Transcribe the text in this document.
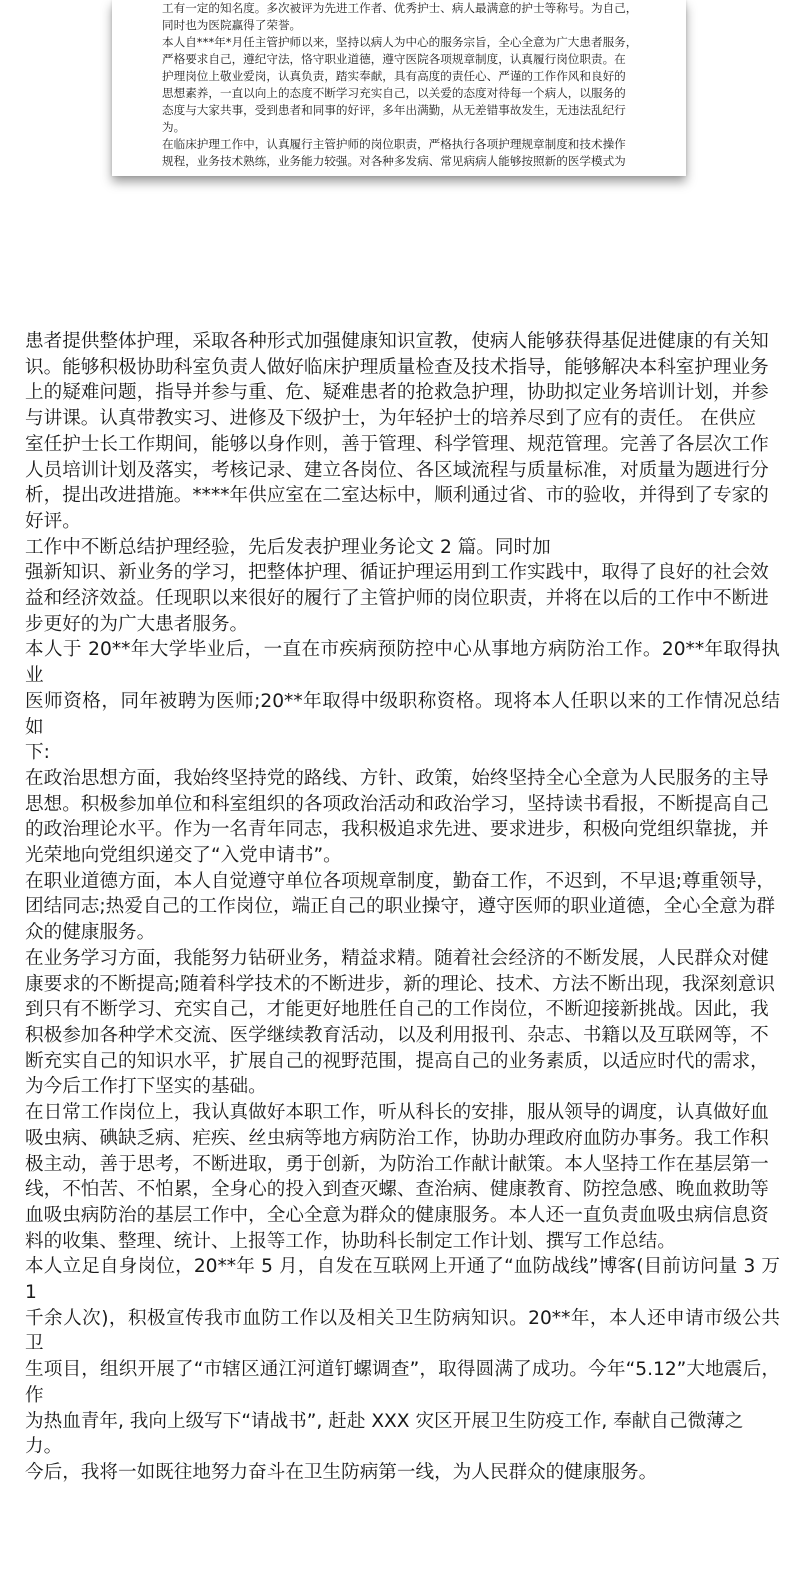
工有一定的知名度。多次被评为先进工作者、优秀护士、病人最满意的护士等称号。为自己，
同时也为医院赢得了荣誉。
本人自***年*月任主管护师以来，坚持以病人为中心的服务宗旨，全心全意为广大患者服务，
严格要求自己，遵纪守法，恪守职业道德，遵守医院各项规章制度，认真履行岗位职责。在
护理岗位上敬业爱岗，认真负责，踏实奉献，具有高度的责任心、严谨的工作作风和良好的
思想素养，一直以向上的态度不断学习充实自己，以关爱的态度对待每一个病人，以服务的
态度与大家共事，受到患者和同事的好评，多年出满勤，从无差错事故发生，无违法乱纪行
为。
在临床护理工作中，认真履行主管护师的岗位职责，严格执行各项护理规章制度和技术操作
规程，业务技术熟练，业务能力较强。对各种多发病、常见病病人能够按照新的医学模式为
患者提供整体护理，采取各种形式加强健康知识宣教，使病人能够获得基促进健康的有关知
识。能够积极协助科室负责人做好临床护理质量检查及技术指导，能够解决本科室护理业务
上的疑难问题，指导并参与重、危、疑难患者的抢救急护理，协助拟定业务培训计划，并参
与讲课。认真带教实习、进修及下级护士，为年轻护士的培养尽到了应有的责任。 在供应
室任护士长工作期间，能够以身作则，善于管理、科学管理、规范管理。完善了各层次工作
人员培训计划及落实，考核记录、建立各岗位、各区域流程与质量标准，对质量为题进行分
析，提出改进措施。****年供应室在二室达标中，顺利通过省、市的验收，并得到了专家的
好评。
工作中不断总结护理经验，先后发表护理业务论文 2 篇。同时加
强新知识、新业务的学习，把整体护理、循证护理运用到工作实践中，取得了良好的社会效
益和经济效益。任现职以来很好的履行了主管护师的岗位职责，并将在以后的工作中不断进
步更好的为广大患者服务。
本人于 20**年大学毕业后，一直在市疾病预防控中心从事地方病防治工作。20**年取得执业
医师资格，同年被聘为医师;20**年取得中级职称资格。现将本人任职以来的工作情况总结如
下:
在政治思想方面，我始终坚持党的路线、方针、政策，始终坚持全心全意为人民服务的主导
思想。积极参加单位和科室组织的各项政治活动和政治学习，坚持读书看报，不断提高自己
的政治理论水平。作为一名青年同志，我积极追求先进、要求进步，积极向党组织靠拢，并
光荣地向党组织递交了“入党申请书”。
在职业道德方面，本人自觉遵守单位各项规章制度，勤奋工作，不迟到，不早退;尊重领导，
团结同志;热爱自己的工作岗位，端正自己的职业操守，遵守医师的职业道德，全心全意为群
众的健康服务。
在业务学习方面，我能努力钻研业务，精益求精。随着社会经济的不断发展，人民群众对健
康要求的不断提高;随着科学技术的不断进步，新的理论、技术、方法不断出现，我深刻意识
到只有不断学习、充实自己，才能更好地胜任自己的工作岗位，不断迎接新挑战。因此，我
积极参加各种学术交流、医学继续教育活动，以及利用报刊、杂志、书籍以及互联网等，不
断充实自己的知识水平，扩展自己的视野范围，提高自己的业务素质，以适应时代的需求，
为今后工作打下坚实的基础。
在日常工作岗位上，我认真做好本职工作，听从科长的安排，服从领导的调度，认真做好血
吸虫病、碘缺乏病、疟疾、丝虫病等地方病防治工作，协助办理政府血防办事务。我工作积
极主动，善于思考，不断进取，勇于创新，为防治工作献计献策。本人坚持工作在基层第一
线，不怕苦、不怕累，全身心的投入到查灭螺、查治病、健康教育、防控急感、晚血救助等
血吸虫病防治的基层工作中，全心全意为群众的健康服务。本人还一直负责血吸虫病信息资
料的收集、整理、统计、上报等工作，协助科长制定工作计划、撰写工作总结。
本人立足自身岗位，20**年 5 月，自发在互联网上开通了“血防战线”博客(目前访问量 3 万 1
千余人次)，积极宣传我市血防工作以及相关卫生防病知识。20**年，本人还申请市级公共卫
生项目，组织开展了“市辖区通江河道钉螺调查”，取得圆满了成功。今年“5.12”大地震后，作
为热血青年, 我向上级写下“请战书”, 赶赴 XXX 灾区开展卫生防疫工作, 奉献自己微薄之力。
今后，我将一如既往地努力奋斗在卫生防病第一线，为人民群众的健康服务。
